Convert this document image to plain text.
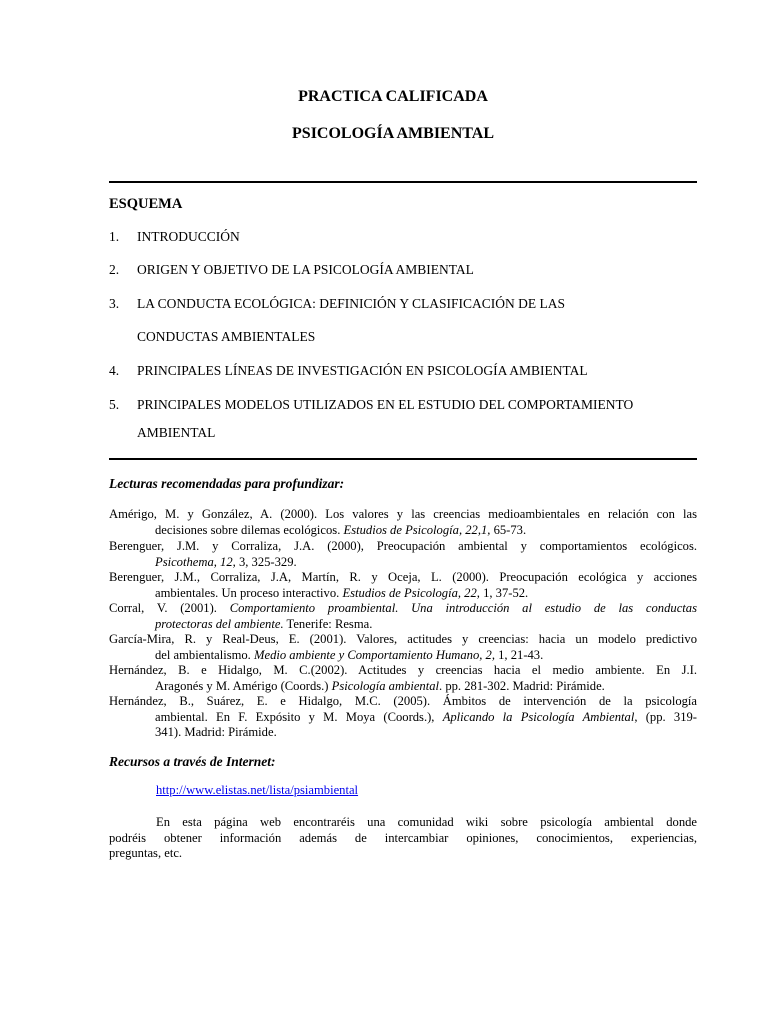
PRACTICA CALIFICADA
PSICOLOGÍA AMBIENTAL
ESQUEMA
1. INTRODUCCIÓN
2. ORIGEN Y OBJETIVO DE LA PSICOLOGÍA AMBIENTAL
3. LA CONDUCTA ECOLÓGICA: DEFINICIÓN Y CLASIFICACIÓN DE LAS
CONDUCTAS AMBIENTALES
4. PRINCIPALES LÍNEAS DE INVESTIGACIÓN EN PSICOLOGÍA AMBIENTAL
5. PRINCIPALES MODELOS UTILIZADOS EN EL ESTUDIO DEL COMPORTAMIENTO
AMBIENTAL
Lecturas recomendadas para profundizar:
Amérigo, M. y González, A. (2000). Los valores y las creencias medioambientales en relación con las
decisiones sobre dilemas ecológicos. Estudios de Psicología, 22,1, 65-73.
Berenguer, J.M. y Corraliza, J.A. (2000), Preocupación ambiental y comportamientos ecológicos.
Psicothema, 12, 3, 325-329.
Berenguer, J.M., Corraliza, J.A, Martín, R. y Oceja, L. (2000). Preocupación ecológica y acciones
ambientales. Un proceso interactivo. Estudios de Psicología, 22, 1, 37-52.
Corral, V. (2001). Comportamiento proambiental. Una introducción al estudio de las conductas
protectoras del ambiente. Tenerife: Resma.
García-Mira, R. y Real-Deus, E. (2001). Valores, actitudes y creencias: hacia un modelo predictivo
del ambientalismo. Medio ambiente y Comportamiento Humano, 2, 1, 21-43.
Hernández, B. e Hidalgo, M. C.(2002). Actitudes y creencias hacia el medio ambiente. En J.I.
Aragonés y M. Amérigo (Coords.) Psicología ambiental. pp. 281-302. Madrid: Pirámide.
Hernández, B., Suárez, E. e Hidalgo, M.C. (2005). Ámbitos de intervención de la psicología
ambiental. En F. Expósito y M. Moya (Coords.), Aplicando la Psicología Ambiental, (pp. 319-
341). Madrid: Pirámide.
Recursos a través de Internet:
http://www.elistas.net/lista/psiambiental
En esta página web encontraréis una comunidad wiki sobre psicología ambiental donde
podréis obtener información además de intercambiar opiniones, conocimientos, experiencias,
preguntas, etc.
